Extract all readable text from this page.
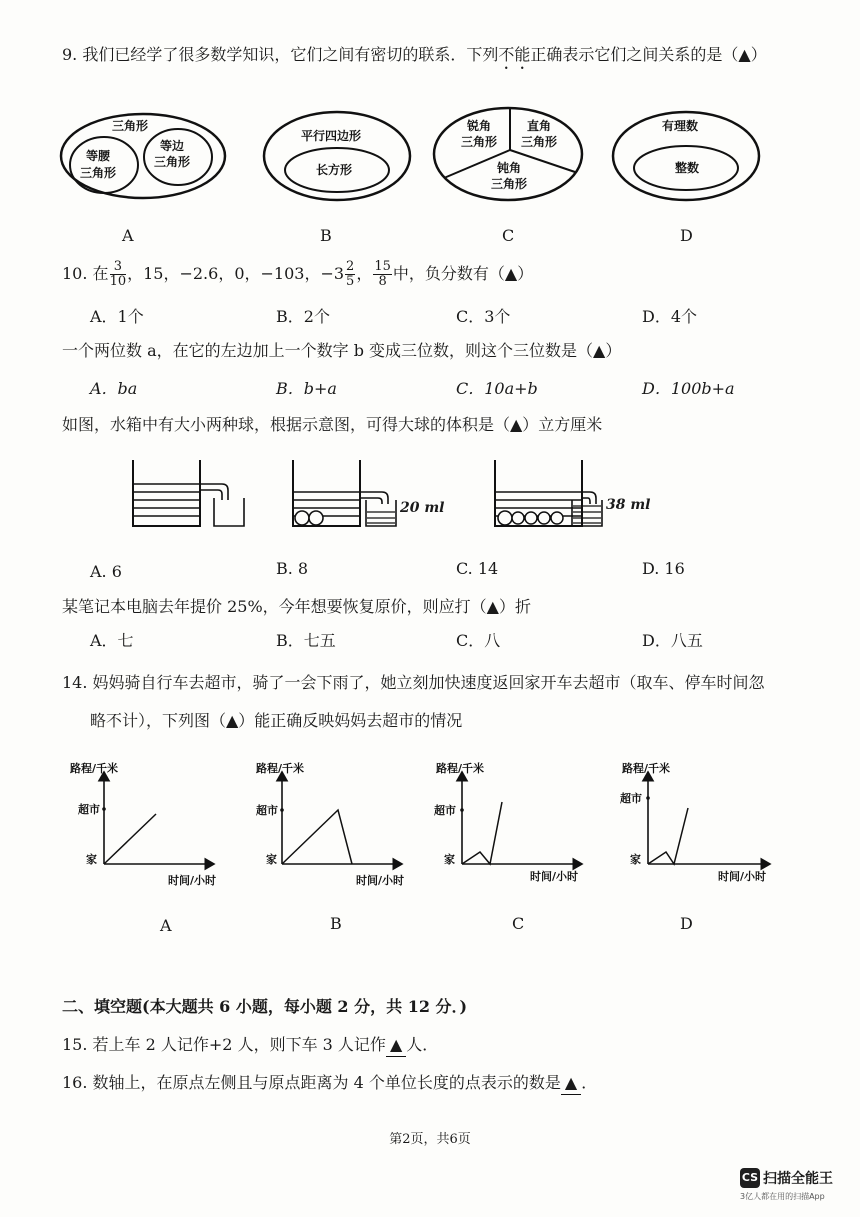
9. 我们已经学了很多数学知识，它们之间有密切的联系．下列不能正确表示它们之间关系的是（▲）
三角形
等腰
三角形
等边
三角形
平行四边形
长方形
锐角
三角形
直角
三角形
钝角
三角形
有理数
整数
A	B	C	D
10. 在 $\frac{3}{10}$ ，15，−2.6，0，−103，$-3 \frac{2}{5}$ ， $\frac{15}{8}$ 中，负分数有（▲）
A．1个	B．2个	C．3个	D．4个
一个两位数 a，在它的左边加上一个数字 b 变成三位数，则这个三位数是（▲）
A．ba	B．b+a	C．10a+b	D．100b+a
如图，水箱中有大小两种球，根据示意图，可得大球的体积是（▲）立方厘米
20 ml	38 ml
A. 6	B. 8	C. 14	D. 16
某笔记本电脑去年提价 25%，今年想要恢复原价，则应打（▲）折
A．七	B．七五	C．八	D．八五
14. 妈妈骑自行车去超市，骑了一会下雨了，她立刻加快速度返回家开车去超市（取车、停车时间忽
略不计），下列图（▲）能正确反映妈妈去超市的情况
路程/千米
超市
家
时间/小时
路程/千米
超市
家
时间/小时
路程/千米
超市
家
时间/小时
路程/千米
超市
家
时间/小时
A	B	C	D
二、填空题(本大题共 6 小题，每小题 2 分，共 12 分．)
15. 若上车 2 人记作+2 人，则下车 3 人记作 ▲ 人．
16. 数轴上，在原点左侧且与原点距离为 4 个单位长度的点表示的数是 ▲ ．
第2页，共6页
CS 扫描全能王
3亿人都在用的扫描App
